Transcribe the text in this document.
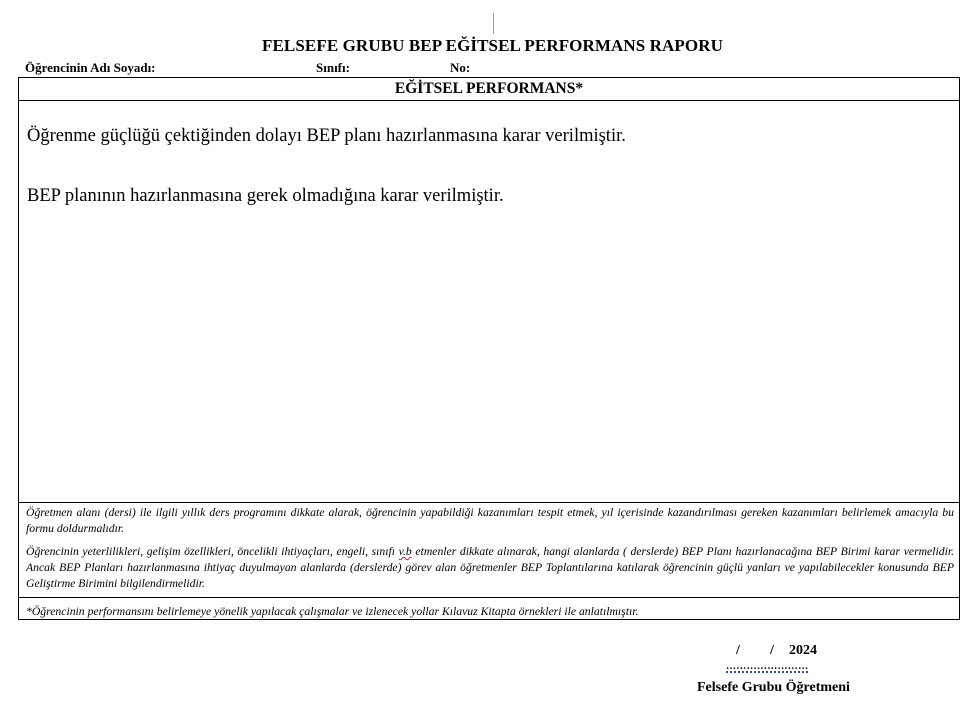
FELSEFE GRUBU BEP EĞİTSEL PERFORMANS RAPORU
Öğrencinin Adı Soyadı:	Sınıfı:	No:
EĞİTSEL PERFORMANS*
Öğrenme güçlüğü çektiğinden dolayı BEP planı hazırlanmasına karar verilmiştir.
BEP planının hazırlanmasına gerek olmadığına karar verilmiştir.

Öğretmen alanı (dersi) ile ilgili yıllık ders programını dikkate alarak, öğrencinin yapabildiği kazanımları tespit etmek, yıl içerisinde kazandırılması gereken kazanımları belirlemek amacıyla bu formu doldurmalıdır.

Öğrencinin yeterlilikleri, gelişim özellikleri, öncelikli ihtiyaçları, engeli, sınıfı v.b etmenler dikkate alınarak, hangi alanlarda ( derslerde) BEP Planı hazırlanacağına BEP Birimi karar vermelidir. Ancak BEP Planları hazırlanmasına ihtiyaç duyulmayan alanlarda (derslerde) görev alan öğretmenler BEP Toplantılarına katılarak öğrencinin güçlü yanları ve yapılabilecekler konusunda BEP Geliştirme Birimini bilgilendirmelidir.

*Öğrencinin performansını belirlemeye yönelik yapılacak çalışmalar ve izlenecek yollar Kılavuz Kitapta örnekleri ile anlatılmıştır.
/ / 2024
……………………
Felsefe Grubu Öğretmeni
